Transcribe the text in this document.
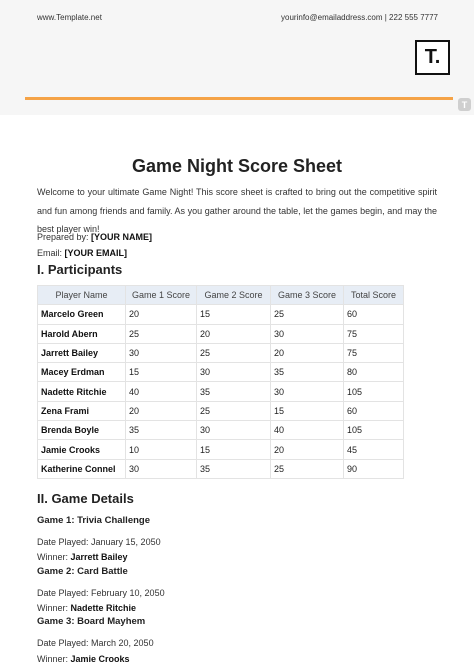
www.Template.net	yourinfo@emailaddress.com | 222 555 7777
T.
T
Game Night Score Sheet
Welcome to your ultimate Game Night! This score sheet is crafted to bring out the competitive spirit and fun among friends and family. As you gather around the table, let the games begin, and may the best player win!
Prepared by: [YOUR NAME]
Email: [YOUR EMAIL]
I. Participants
Player Name	Game 1 Score	Game 2 Score	Game 3 Score	Total Score
Marcelo Green	20	15	25	60
Harold Abern	25	20	30	75
Jarrett Bailey	30	25	20	75
Macey Erdman	15	30	35	80
Nadette Ritchie	40	35	30	105
Zena Frami	20	25	15	60
Brenda Boyle	35	30	40	105
Jamie Crooks	10	15	20	45
Katherine Connel	30	35	25	90
II. Game Details
Game 1: Trivia Challenge
Date Played: January 15, 2050
Winner: Jarrett Bailey
Game 2: Card Battle
Date Played: February 10, 2050
Winner: Nadette Ritchie
Game 3: Board Mayhem
Date Played: March 20, 2050
Winner: Jamie Crooks
